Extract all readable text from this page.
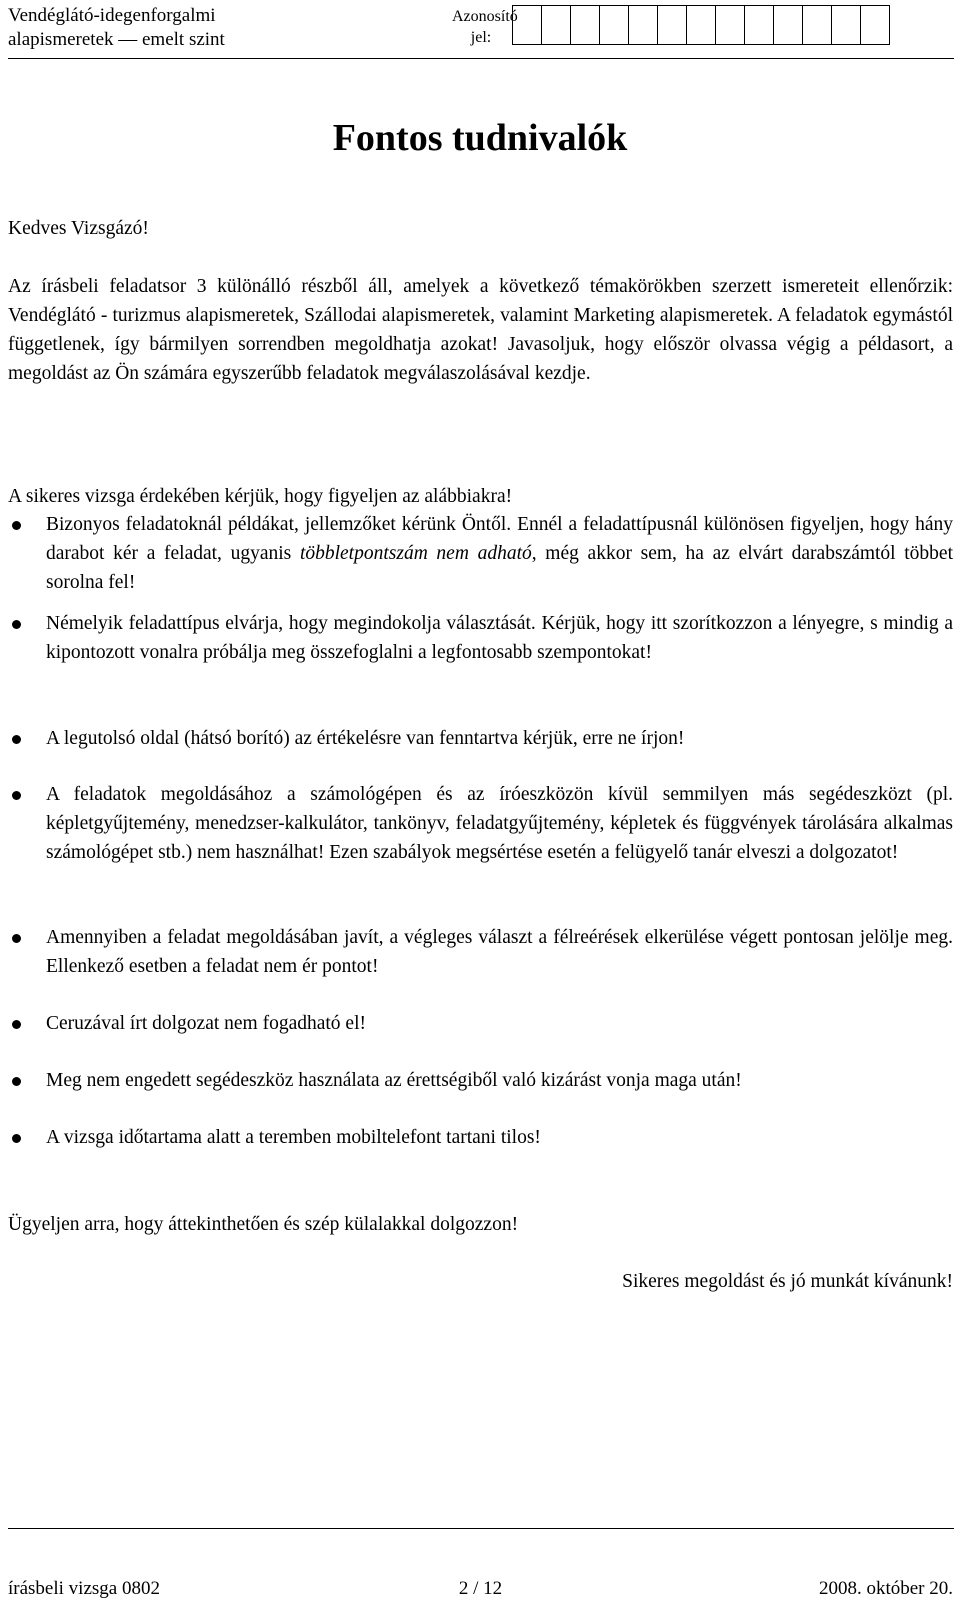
Vendéglátó-idegenforgalmi
alapismeretek — emelt szint
Azonosító
jel:
Fontos tudnivalók
Kedves Vizsgázó!
Az írásbeli feladatsor 3 különálló részből áll, amelyek a következő témakörökben szerzett ismereteit ellenőrzik: Vendéglátó - turizmus alapismeretek, Szállodai alapismeretek, valamint Marketing alapismeretek. A feladatok egymástól függetlenek, így bármilyen sorrendben megoldhatja azokat! Javasoljuk, hogy először olvassa végig a példasort, a megoldást az Ön számára egyszerűbb feladatok megválaszolásával kezdje.
A sikeres vizsga érdekében kérjük, hogy figyeljen az alábbiakra!
Bizonyos feladatoknál példákat, jellemzőket kérünk Öntől. Ennél a feladattípusnál különösen figyeljen, hogy hány darabot kér a feladat, ugyanis többletpontszám nem adható, még akkor sem, ha az elvárt darabszámtól többet sorolna fel!
Némelyik feladattípus elvárja, hogy megindokolja választását. Kérjük, hogy itt szorítkozzon a lényegre, s mindig a kipontozott vonalra próbálja meg összefoglalni a legfontosabb szempontokat!
A legutolsó oldal (hátsó borító) az értékelésre van fenntartva kérjük, erre ne írjon!
A feladatok megoldásához a számológépen és az íróeszközön kívül semmilyen más segédeszközt (pl. képletgyűjtemény, menedzser-kalkulátor, tankönyv, feladatgyűjtemény, képletek és függvények tárolására alkalmas számológépet stb.) nem használhat! Ezen szabályok megsértése esetén a felügyelő tanár elveszi a dolgozatot!
Amennyiben a feladat megoldásában javít, a végleges választ a félreérések elkerülése végett pontosan jelölje meg. Ellenkező esetben a feladat nem ér pontot!
Ceruzával írt dolgozat nem fogadható el!
Meg nem engedett segédeszköz használata az érettségiből való kizárást vonja maga után!
A vizsga időtartama alatt a teremben mobiltelefont tartani tilos!
Ügyeljen arra, hogy áttekinthetően és szép külalakkal dolgozzon!
Sikeres megoldást és jó munkát kívánunk!
írásbeli vizsga 0802	2 / 12	2008. október 20.
